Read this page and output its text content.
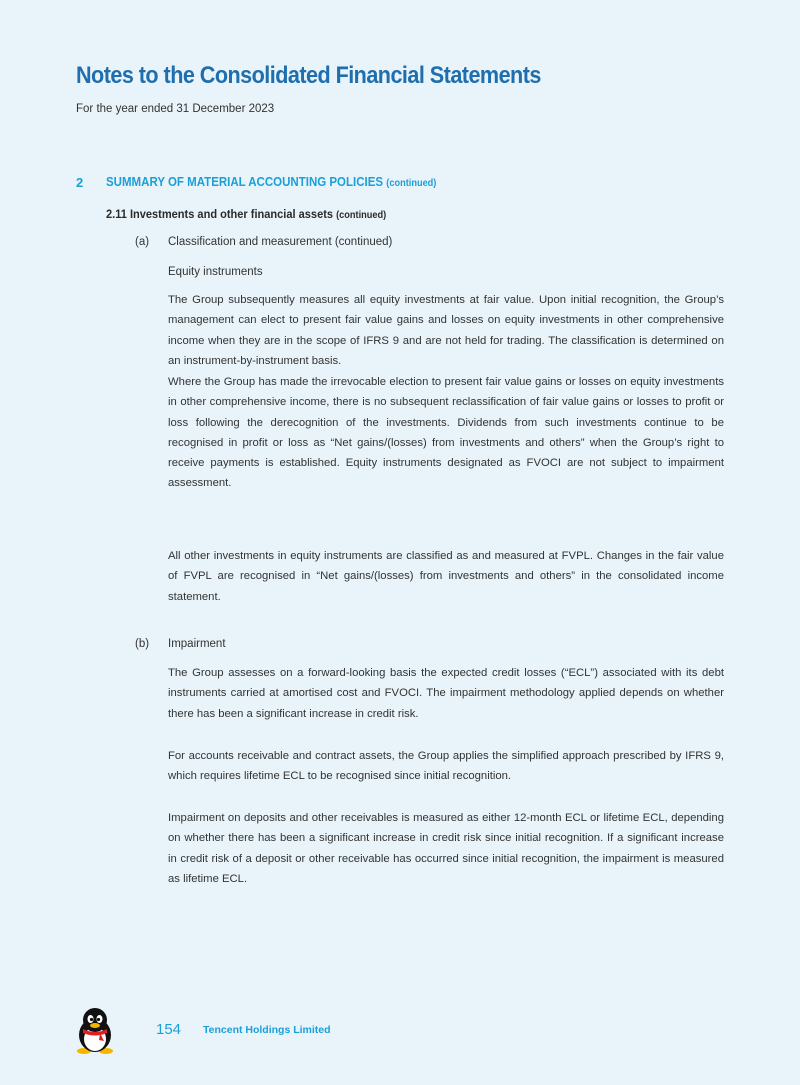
Notes to the Consolidated Financial Statements
For the year ended 31 December 2023
2 SUMMARY OF MATERIAL ACCOUNTING POLICIES (continued)
2.11 Investments and other financial assets (continued)
(a) Classification and measurement (continued)
Equity instruments

The Group subsequently measures all equity investments at fair value. Upon initial recognition, the Group’s management can elect to present fair value gains and losses on equity investments in other comprehensive income when they are in the scope of IFRS 9 and are not held for trading. The classification is determined on an instrument-by-instrument basis.

Where the Group has made the irrevocable election to present fair value gains or losses on equity investments in other comprehensive income, there is no subsequent reclassification of fair value gains or losses to profit or loss following the derecognition of the investments. Dividends from such investments continue to be recognised in profit or loss as “Net gains/(losses) from investments and others” when the Group’s right to receive payments is established. Equity instruments designated as FVOCI are not subject to impairment assessment.

All other investments in equity instruments are classified as and measured at FVPL. Changes in the fair value of FVPL are recognised in “Net gains/(losses) from investments and others” in the consolidated income statement.

(b) Impairment

The Group assesses on a forward-looking basis the expected credit losses (“ECL”) associated with its debt instruments carried at amortised cost and FVOCI. The impairment methodology applied depends on whether there has been a significant increase in credit risk.

For accounts receivable and contract assets, the Group applies the simplified approach prescribed by IFRS 9, which requires lifetime ECL to be recognised since initial recognition.

Impairment on deposits and other receivables is measured as either 12-month ECL or lifetime ECL, depending on whether there has been a significant increase in credit risk since initial recognition. If a significant increase in credit risk of a deposit or other receivable has occurred since initial recognition, the impairment is measured as lifetime ECL.

154 Tencent Holdings Limited
